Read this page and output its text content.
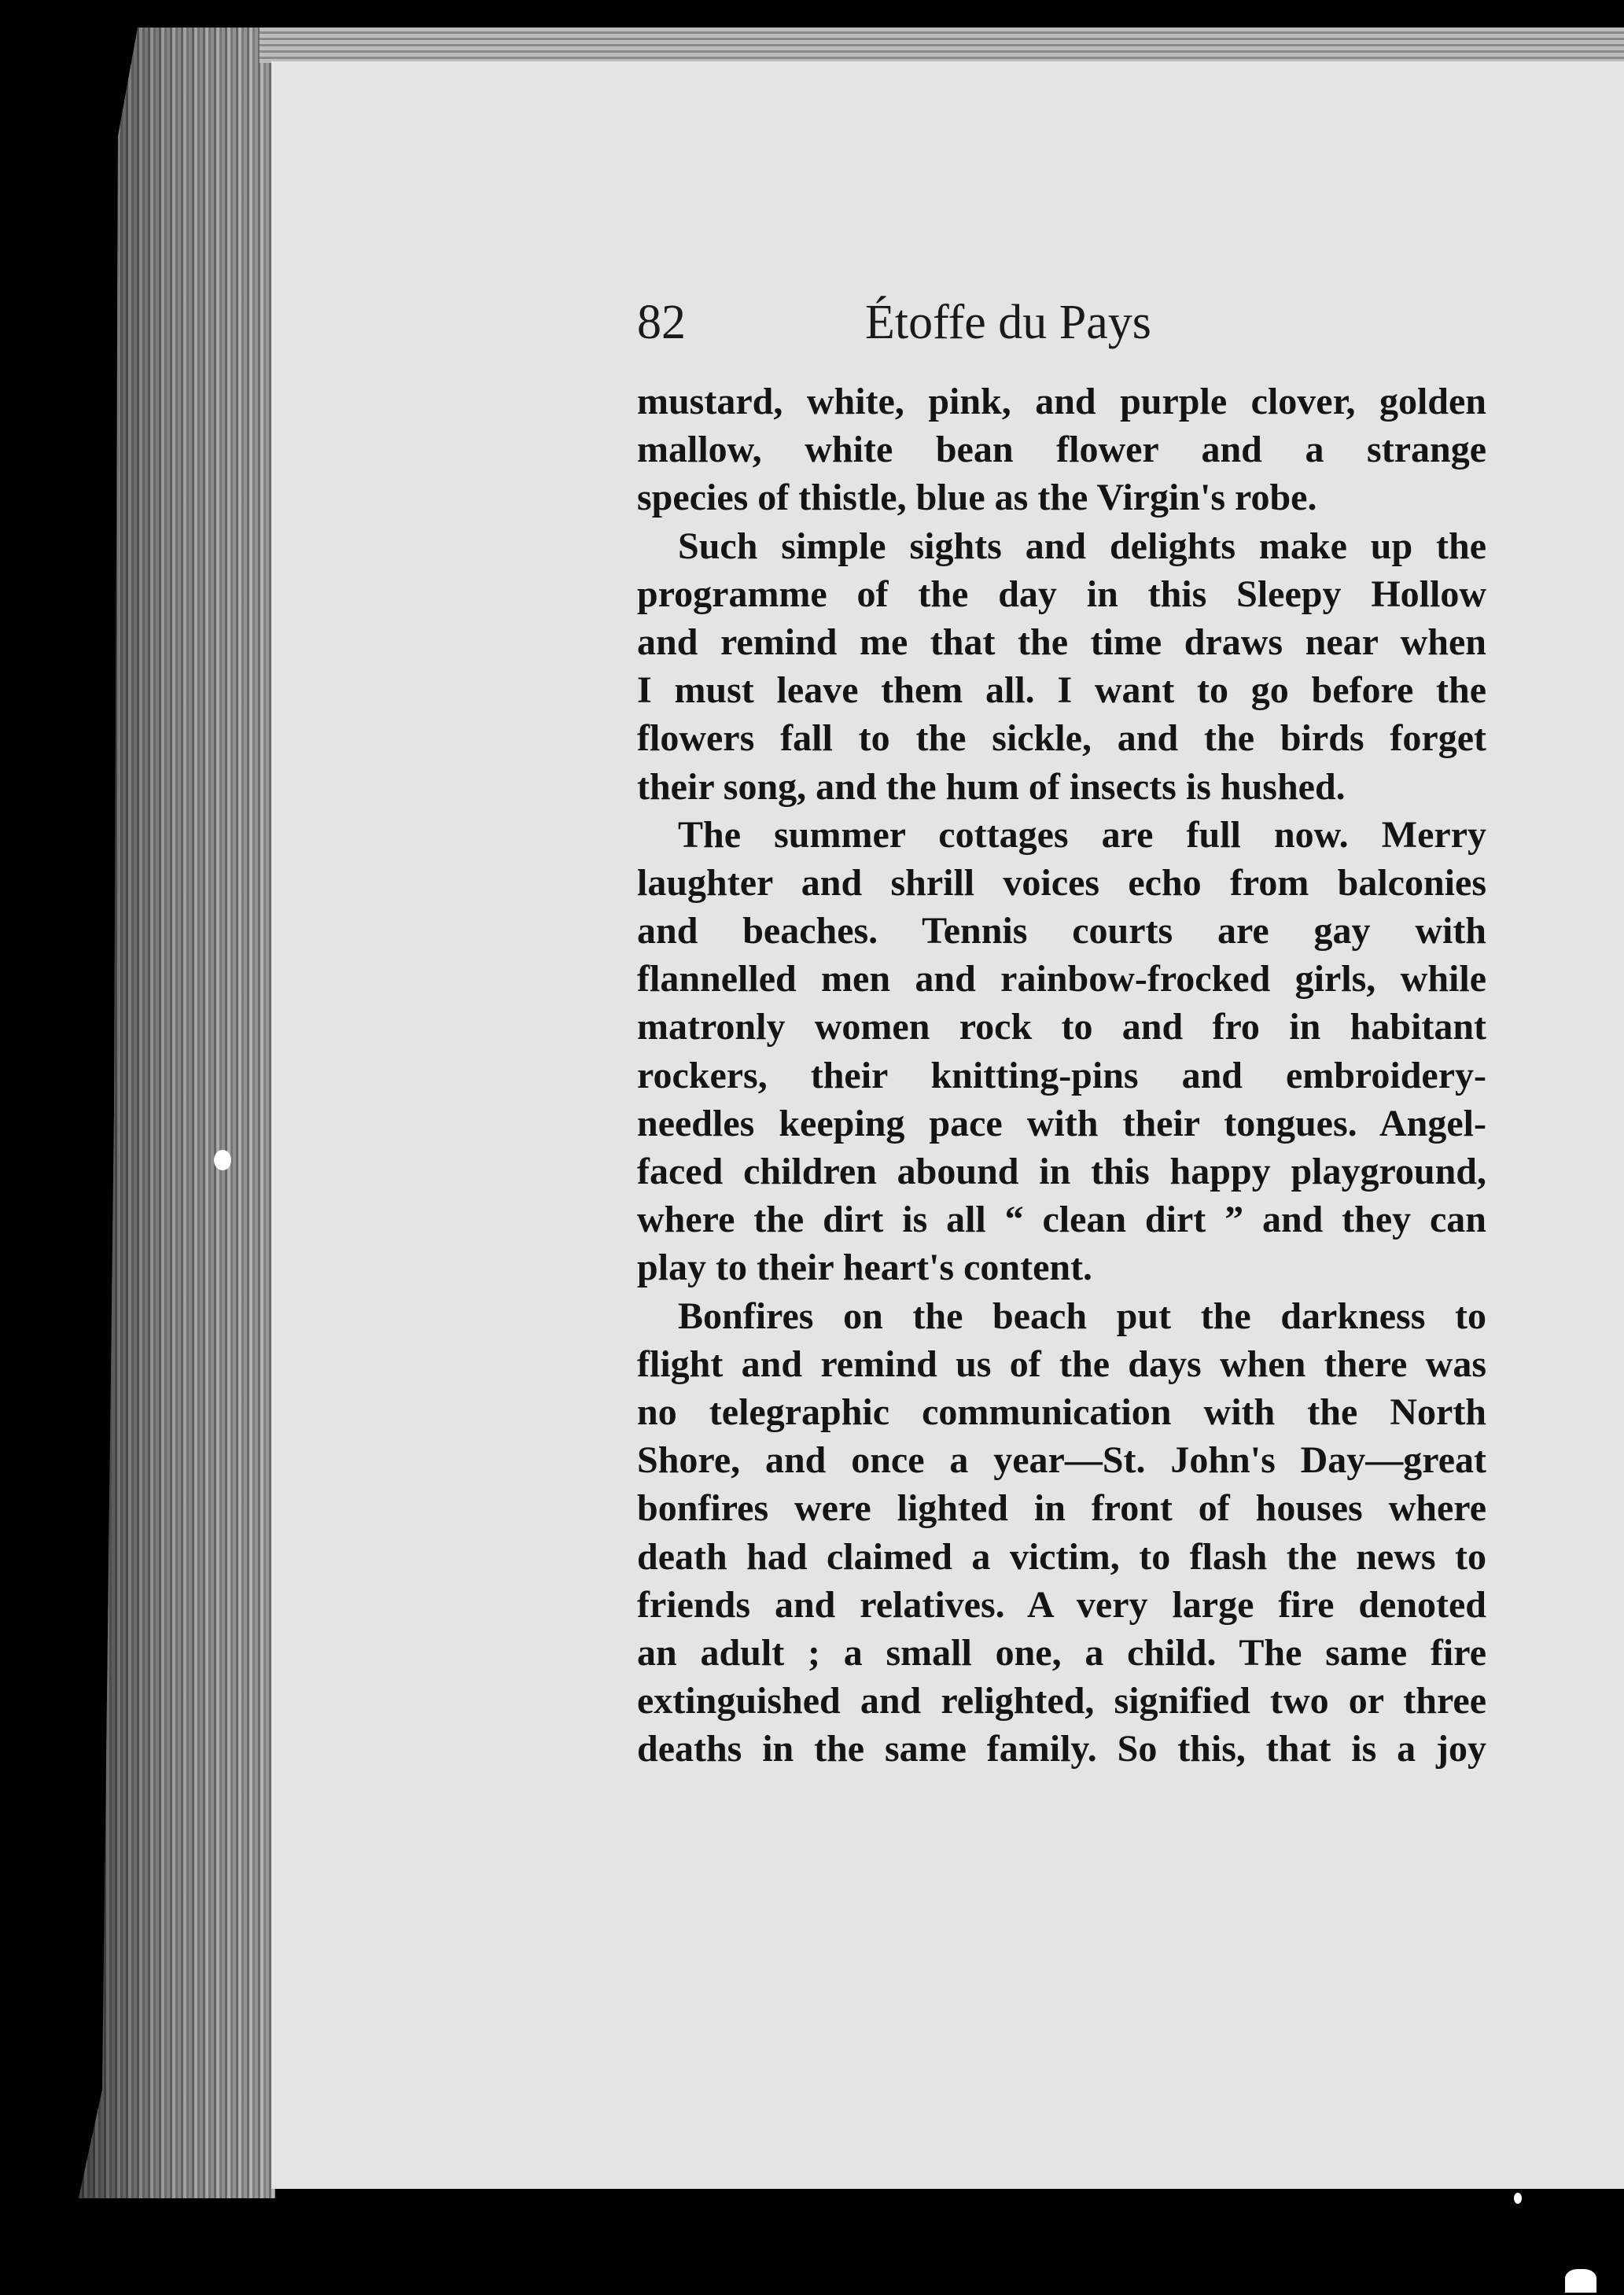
82	Étoffe du Pays
mustard, white, pink, and purple clover, golden
mallow, white bean flower and a strange
species of thistle, blue as the Virgin's robe.
Such simple sights and delights make up the
programme of the day in this Sleepy Hollow
and remind me that the time draws near when
I must leave them all. I want to go before the
flowers fall to the sickle, and the birds forget
their song, and the hum of insects is hushed.
The summer cottages are full now. Merry
laughter and shrill voices echo from balconies
and beaches. Tennis courts are gay with
flannelled men and rainbow-frocked girls, while
matronly women rock to and fro in habitant
rockers, their knitting-pins and embroidery-
needles keeping pace with their tongues. Angel-
faced children abound in this happy playground,
where the dirt is all “ clean dirt ” and they can
play to their heart's content.
Bonfires on the beach put the darkness to
flight and remind us of the days when there was
no telegraphic communication with the North
Shore, and once a year—St. John's Day—great
bonfires were lighted in front of houses where
death had claimed a victim, to flash the news to
friends and relatives. A very large fire denoted
an adult ; a small one, a child. The same fire
extinguished and relighted, signified two or three
deaths in the same family. So this, that is a joy
